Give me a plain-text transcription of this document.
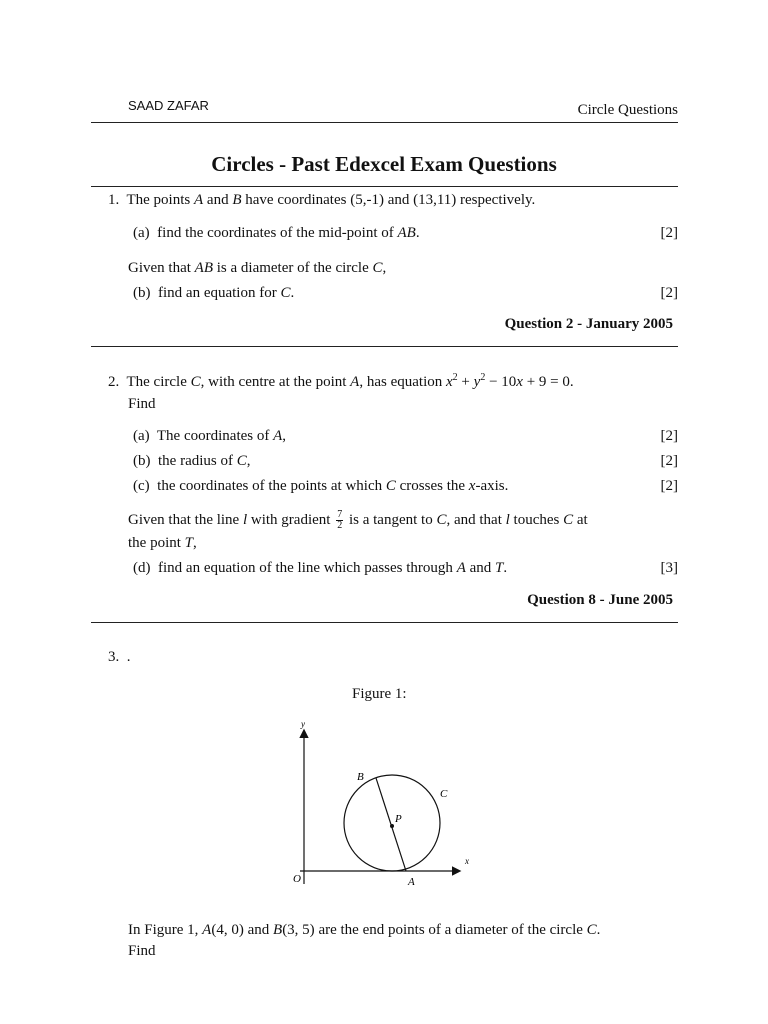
SAAD ZAFAR	Circle Questions
Circles - Past Edexcel Exam Questions
1. The points A and B have coordinates (5,-1) and (13,11) respectively.
(a) find the coordinates of the mid-point of AB.	[2]
Given that AB is a diameter of the circle C,
(b) find an equation for C.	[2]
Question 2 - January 2005
2. The circle C, with centre at the point A, has equation $x^2 + y^2 - 10x + 9 = 0$.
Find
(a) The coordinates of A,	[2]
(b) the radius of C,	[2]
(c) the coordinates of the points at which C crosses the x-axis.	[2]
Given that the line l with gradient $\frac{7}{2}$ is a tangent to C, and that l touches C at
the point T,
(d) find an equation of the line which passes through A and T.	[3]
Question 8 - June 2005
3. .
Figure 1:
y
x
O	A
B
C
P
In Figure 1, A(4, 0) and B(3, 5) are the end points of a diameter of the circle C.
Find
